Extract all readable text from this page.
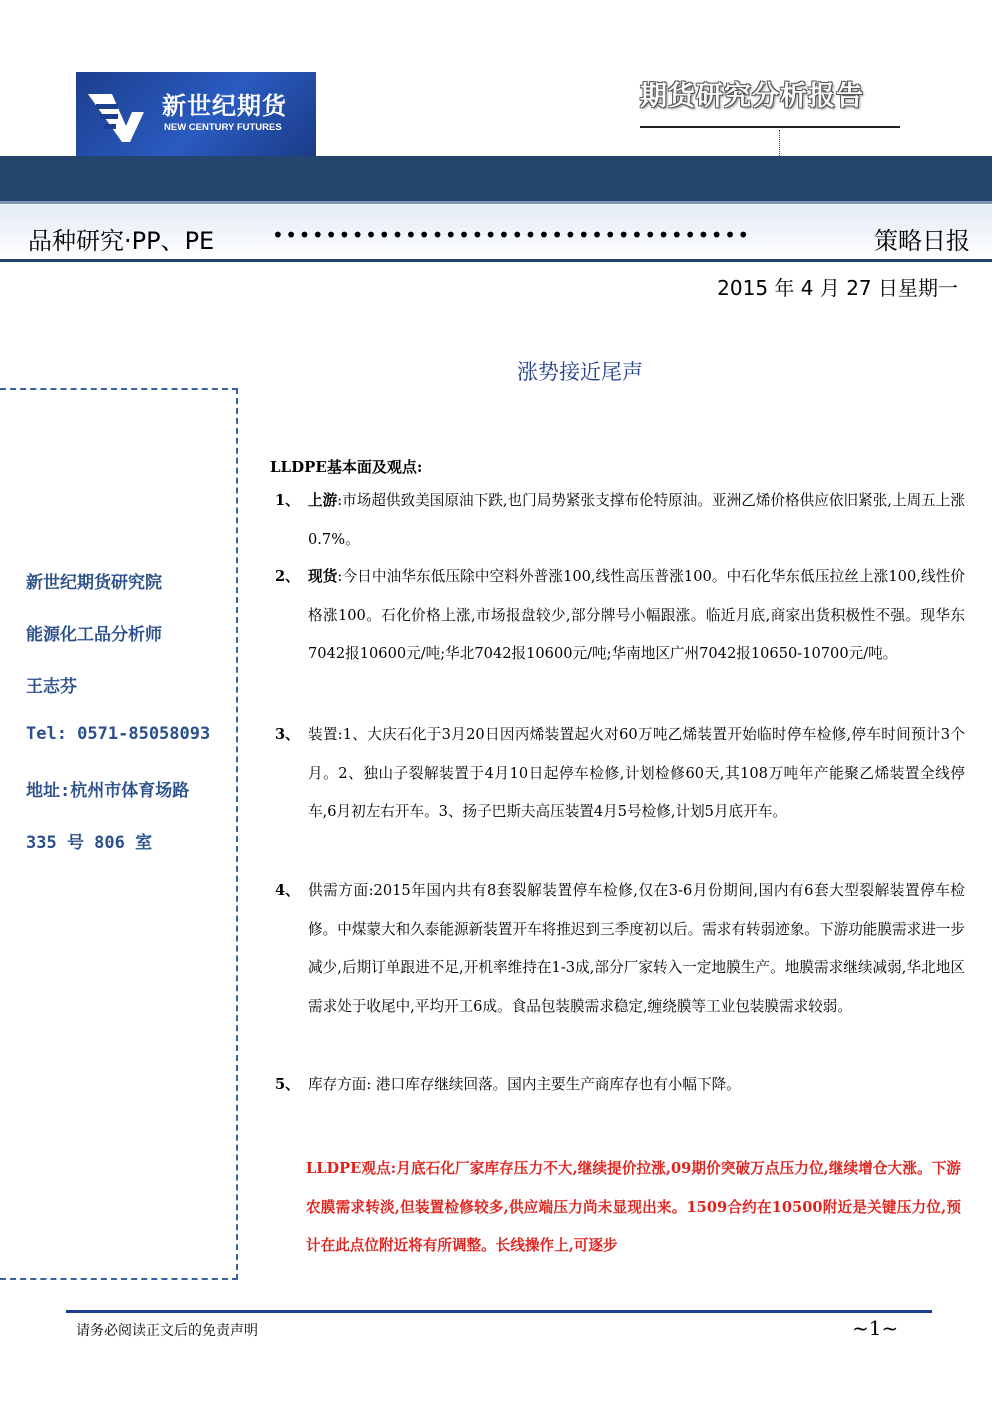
新世纪期货
NEW CENTURY FUTURES
期货研究分析报告
品种研究·PP、PE	••••••••••••••••••••••••••••••••••••	策略日报
2015 年 4 月 27 日星期一
涨势接近尾声
新世纪期货研究院
能源化工品分析师
王志芬
Tel: 0571-85058093
地址:杭州市体育场路
335 号 806 室
LLDPE基本面及观点:
1、 上游:市场超供致美国原油下跌,也门局势紧张支撑布伦特原油。亚洲乙烯价格供应依旧紧张,上周五上涨0.7%。
2、 现货:今日中油华东低压除中空料外普涨100,线性高压普涨100。中石化华东低压拉丝上涨100,线性价格涨100。石化价格上涨,市场报盘较少,部分牌号小幅跟涨。临近月底,商家出货积极性不强。现华东7042报10600元/吨;华北7042报10600元/吨;华南地区广州7042报10650-10700元/吨。
3、 装置:1、大庆石化于3月20日因丙烯装置起火对60万吨乙烯装置开始临时停车检修,停车时间预计3个月。2、独山子裂解装置于4月10日起停车检修,计划检修60天,其108万吨年产能聚乙烯装置全线停车,6月初左右开车。3、扬子巴斯夫高压装置4月5号检修,计划5月底开车。
4、 供需方面:2015年国内共有8套裂解装置停车检修,仅在3-6月份期间,国内有6套大型裂解装置停车检修。中煤蒙大和久泰能源新装置开车将推迟到三季度初以后。需求有转弱迹象。下游功能膜需求进一步减少,后期订单跟进不足,开机率维持在1-3成,部分厂家转入一定地膜生产。地膜需求继续减弱,华北地区需求处于收尾中,平均开工6成。食品包装膜需求稳定,缠绕膜等工业包装膜需求较弱。
5、 库存方面: 港口库存继续回落。国内主要生产商库存也有小幅下降。
LLDPE观点:月底石化厂家库存压力不大,继续提价拉涨,09期价突破万点压力位,继续增仓大涨。下游农膜需求转淡,但装置检修较多,供应端压力尚未显现出来。1509合约在10500附近是关键压力位,预计在此点位附近将有所调整。长线操作上,可逐步
请务必阅读正文后的免责声明	~1~
